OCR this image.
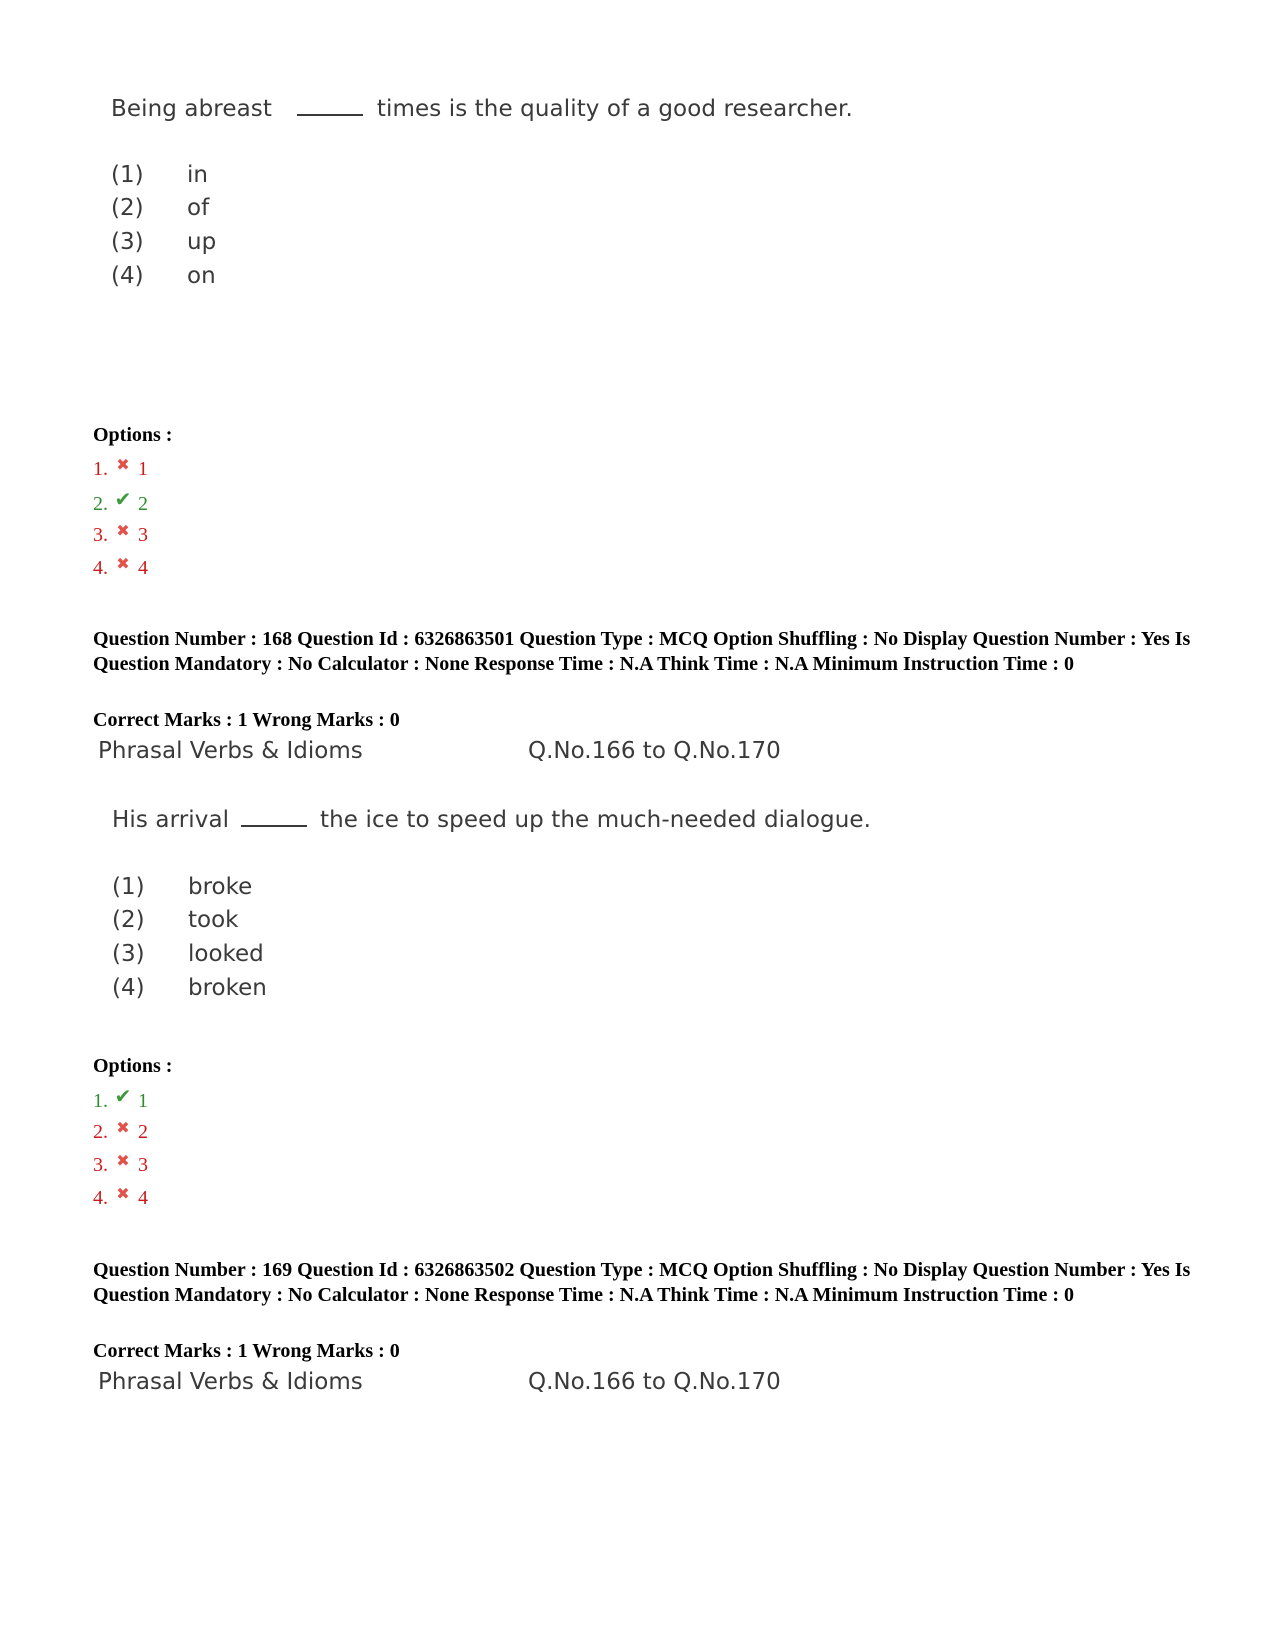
Being abreast	times is the quality of a good researcher.
(1) in
(2) of
(3) up
(4) on
Options :
1. ✖ 1
2. ✔ 2
3. ✖ 3
4. ✖ 4
Question Number : 168 Question Id : 6326863501 Question Type : MCQ Option Shuffling : No Display Question Number : Yes Is Question Mandatory : No Calculator : None Response Time : N.A Think Time : N.A Minimum Instruction Time : 0
Correct Marks : 1 Wrong Marks : 0
Phrasal Verbs & Idioms	Q.No.166 to Q.No.170
His arrival	the ice to speed up the much-needed dialogue.
(1) broke
(2) took
(3) looked
(4) broken
Options :
1. ✔ 1
2. ✖ 2
3. ✖ 3
4. ✖ 4
Question Number : 169 Question Id : 6326863502 Question Type : MCQ Option Shuffling : No Display Question Number : Yes Is Question Mandatory : No Calculator : None Response Time : N.A Think Time : N.A Minimum Instruction Time : 0
Correct Marks : 1 Wrong Marks : 0
Phrasal Verbs & Idioms	Q.No.166 to Q.No.170
